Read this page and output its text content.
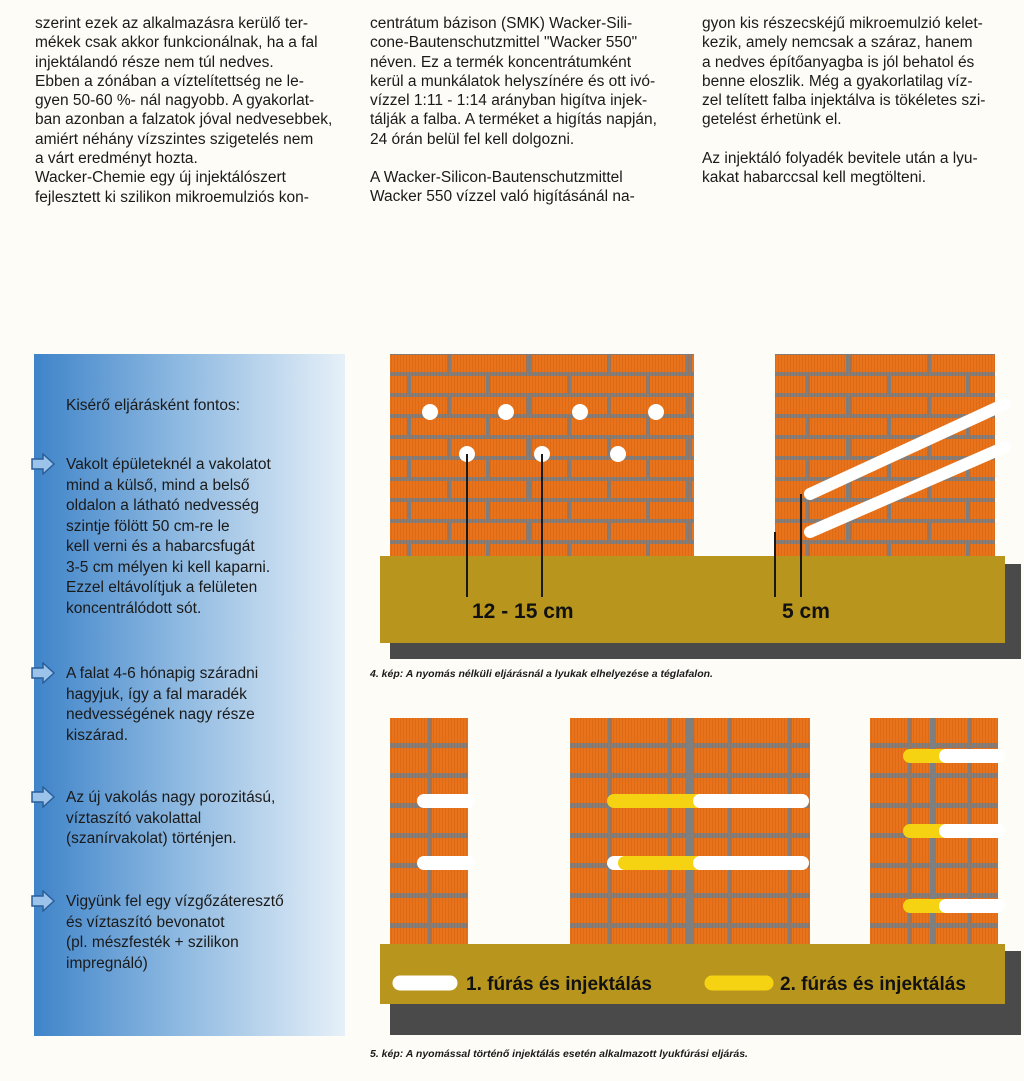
szerint ezek az alkalmazásra kerülő ter-
mékek csak akkor funkcionálnak, ha a fal
injektálandó része nem túl nedves.
Ebben a zónában a víztelítettség ne le-
gyen 50-60 %- nál nagyobb. A gyakorlat-
ban azonban a falzatok jóval nedvesebbek,
amiért néhány vízszintes szigetelés nem
a várt eredményt hozta.
Wacker-Chemie egy új injektálószert
fejlesztett ki szilikon mikroemulziós kon-

centrátum bázison (SMK) Wacker-Sili-
cone-Bautenschutzmittel "Wacker 550"
néven. Ez a termék koncentrátumként
kerül a munkálatok helyszínére és ott ivó-
vízzel 1:11 - 1:14 arányban higítva injek-
tálják a falba. A terméket a higítás napján,
24 órán belül fel kell dolgozni.

A Wacker-Silicon-Bautenschutzmittel
Wacker 550 vízzel való higításánál na-

gyon kis részecskéjű mikroemulzió kelet-
kezik, amely nemcsak a száraz, hanem
a nedves építőanyagba is jól behatol és
benne eloszlik. Még a gyakorlatilag víz-
zel telített falba injektálva is tökéletes szi-
getelést érhetünk el.

Az injektáló folyadék bevitele után a lyu-
kakat habarccsal kell megtölteni.

Kisérő eljárásként fontos:
Vakolt épületeknél a vakolatot
mind a külső, mind a belső
oldalon a látható nedvesség
szintje fölött 50 cm-re le
kell verni és a habarcsfugát
3-5 cm mélyen ki kell kaparni.
Ezzel eltávolítjuk a felületen
koncentrálódott sót.
A falat 4-6 hónapig száradni
hagyjuk, így a fal maradék
nedvességének nagy része
kiszárad.
Az új vakolás nagy porozitású,
víztaszító vakolattal
(szanírvakolat) történjen.
Vigyünk fel egy vízgőzáteresztő
és víztaszító bevonatot
(pl. mészfesték + szilikon
impregnáló)
12 - 15 cm	5 cm
4. kép: A nyomás nélküli eljárásnál a lyukak elhelyezése a téglafalon.
1. fúrás és injektálás	2. fúrás és injektálás
5. kép: A nyomással történő injektálás esetén alkalmazott lyukfúrási eljárás.
